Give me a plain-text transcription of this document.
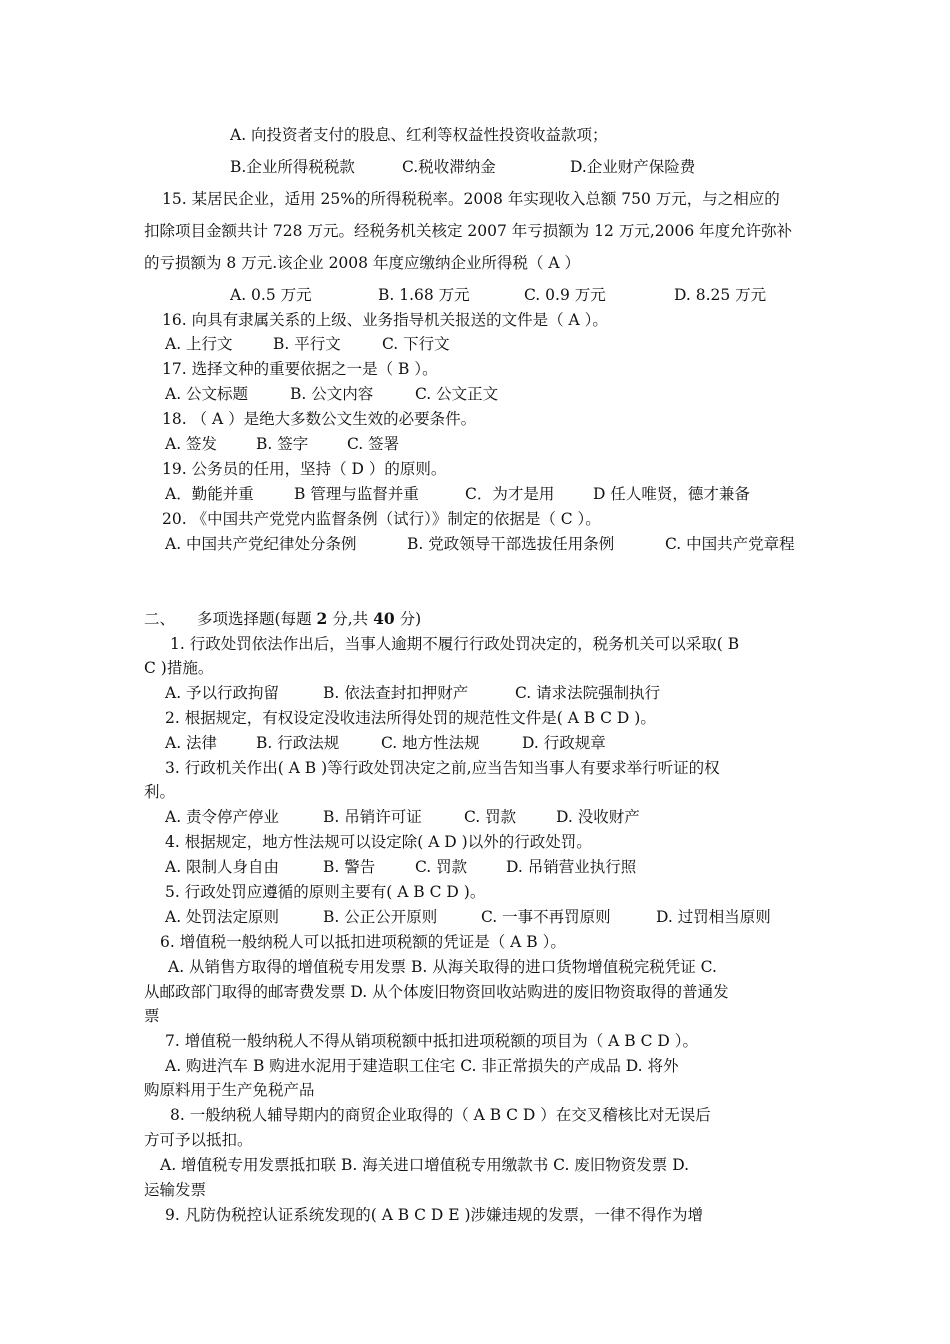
A. 向投资者支付的股息、红利等权益性投资收益款项；
B.企业所得税税款	C.税收滞纳金	D.企业财产保险费
15. 某居民企业，适用 25%的所得税税率。2008 年实现收入总额 750 万元，与之相应的
扣除项目金额共计 728 万元。经税务机关核定 2007 年亏损额为 12 万元,2006 年度允许弥补
的亏损额为 8 万元.该企业 2008 年度应缴纳企业所得税（ A ）
A. 0.5 万元	B. 1.68 万元	C. 0.9 万元	D. 8.25 万元
16. 向具有隶属关系的上级、业务指导机关报送的文件是（ A ）。
A. 上行文	B. 平行文	C. 下行文
17. 选择文种的重要依据之一是（ B ）。
A. 公文标题	B. 公文内容	C. 公文正文
18. （ A ）是绝大多数公文生效的必要条件。
A. 签发	B. 签字	C. 签署
19. 公务员的任用，坚持（ D ）的原则。
A．勤能并重	B 管理与监督并重	C．为才是用 D 任人唯贤，德才兼备
20. 《中国共产党党内监督条例（试行）》制定的依据是（ C ）。
A. 中国共产党纪律处分条例	B. 党政领导干部选拔任用条例	C. 中国共产党章程
二、 多项选择题(每题 2 分,共 40 分)
1. 行政处罚依法作出后，当事人逾期不履行行政处罚决定的，税务机关可以采取( B
C )措施。
A. 予以行政拘留	B. 依法查封扣押财产	C. 请求法院强制执行
2. 根据规定，有权设定没收违法所得处罚的规范性文件是( A B C D )。
A. 法律	B. 行政法规	C. 地方性法规	D. 行政规章
3. 行政机关作出( A B )等行政处罚决定之前,应当告知当事人有要求举行听证的权
利。
A. 责令停产停业	B. 吊销许可证	C. 罚款	D. 没收财产
4. 根据规定，地方性法规可以设定除( A D )以外的行政处罚。
A. 限制人身自由	B. 警告	C. 罚款	D. 吊销营业执行照
5. 行政处罚应遵循的原则主要有( A B C D )。
A. 处罚法定原则	B. 公正公开原则	C. 一事不再罚原则	D. 过罚相当原则
6. 增值税一般纳税人可以抵扣进项税额的凭证是（ A B ）。
A. 从销售方取得的增值税专用发票 B. 从海关取得的进口货物增值税完税凭证 C.
从邮政部门取得的邮寄费发票 D. 从个体废旧物资回收站购进的废旧物资取得的普通发
票
7. 增值税一般纳税人不得从销项税额中抵扣进项税额的项目为（ A B C D ）。
A. 购进汽车 B 购进水泥用于建造职工住宅 C. 非正常损失的产成品 D. 将外
购原料用于生产免税产品
8. 一般纳税人辅导期内的商贸企业取得的（ A B C D ）在交叉稽核比对无误后
方可予以抵扣。
A. 增值税专用发票抵扣联 B. 海关进口增值税专用缴款书 C. 废旧物资发票 D.
运输发票
9. 凡防伪税控认证系统发现的( A B C D E )涉嫌违规的发票，一律不得作为增
